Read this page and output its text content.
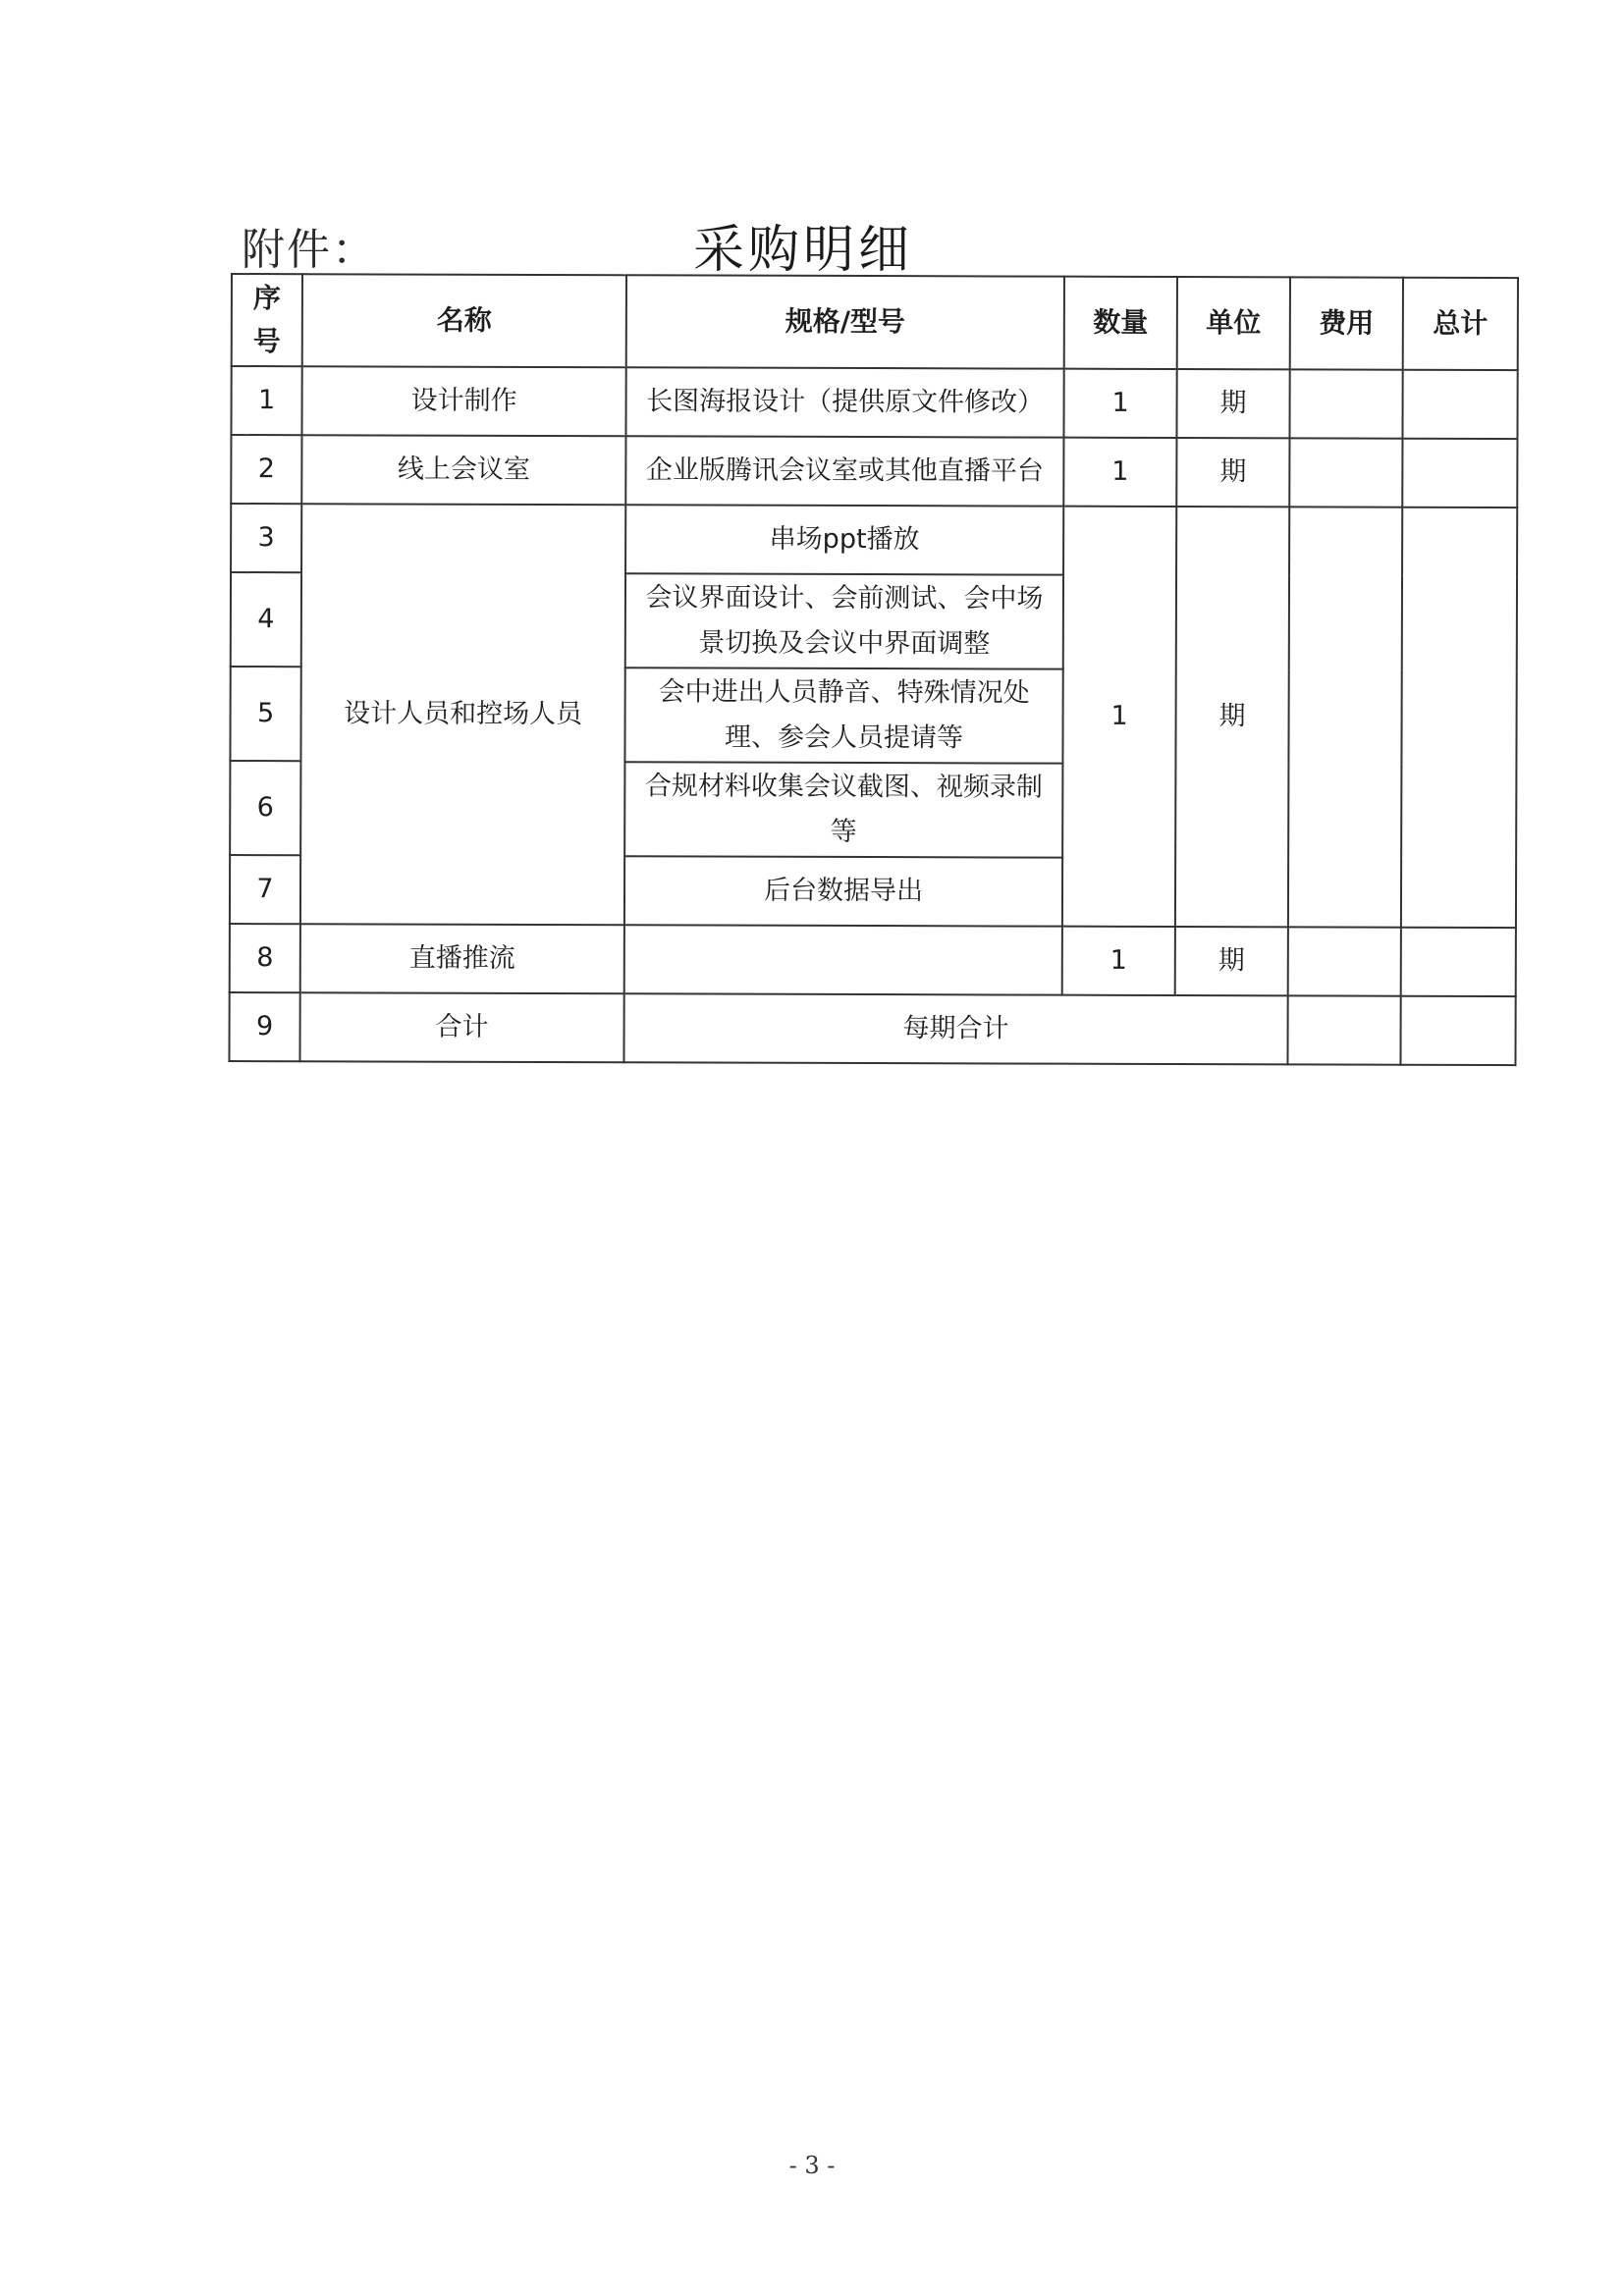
附件：	采购明细
序号	名称	规格/型号	数量	单位	费用	总计
1	设计制作	长图海报设计（提供原文件修改）	1	期		
2	线上会议室	企业版腾讯会议室或其他直播平台	1	期		
3	设计人员和控场人员	串场ppt播放	1	期		
4		会议界面设计、会前测试、会中场景切换及会议中界面调整				
5		会中进出人员静音、特殊情况处理、参会人员提请等				
6		合规材料收集会议截图、视频录制等				
7		后台数据导出				
8	直播推流		1	期		
9	合计	每期合计				
- 3 -
